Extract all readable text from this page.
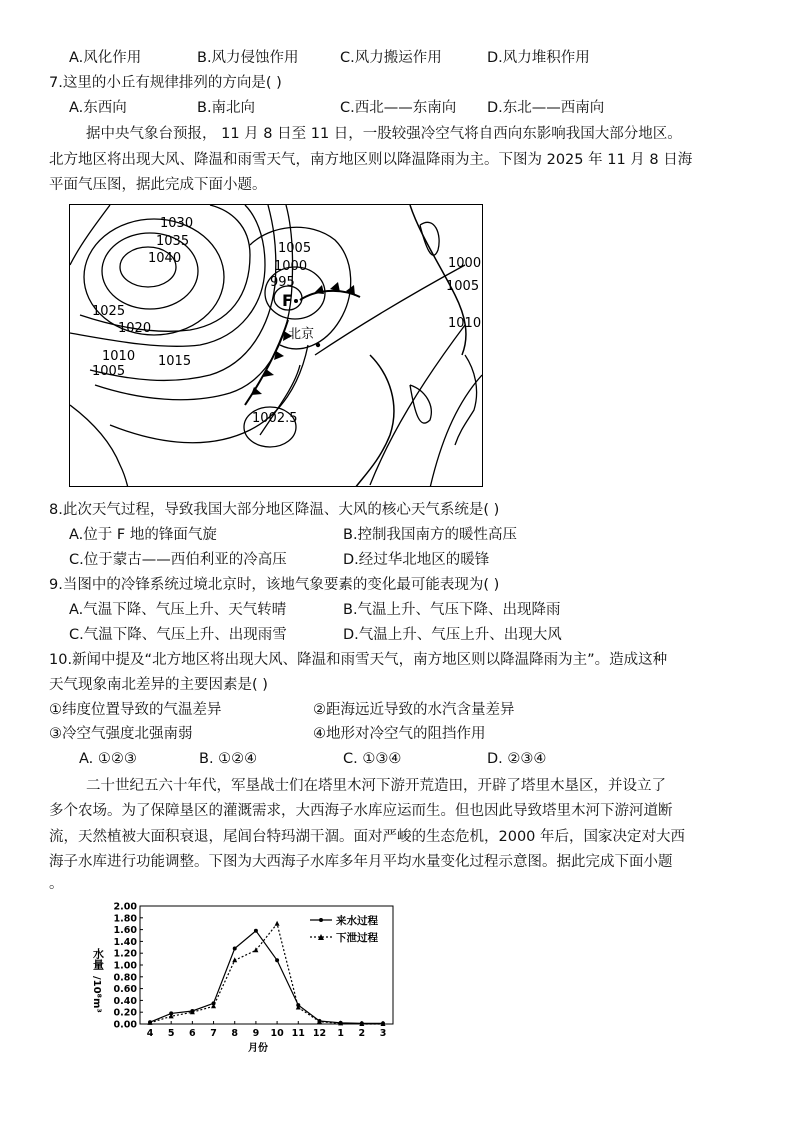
A.风化作用	B.风力侵蚀作用	C.风力搬运作用	D.风力堆积作用
7.这里的小丘有规律排列的方向是( )
A.东西向	B.南北向	C.西北——东南向 D.东北——西南向
据中央气象台预报， 11 月 8 日至 11 日，一股较强冷空气将自西向东影响我国大部分地区。
北方地区将出现大风、降温和雨雪天气，南方地区则以降温降雨为主。下图为 2025 年 11 月 8 日海
平面气压图，据此完成下面小题。
1030
1035
1040
1025
1020
1010
1005
1015
1005
1000
995
1002.5
1000
1005
1010
F
北京
8.此次天气过程，导致我国大部分地区降温、大风的核心天气系统是( )
A.位于 F 地的锋面气旋	B.控制我国南方的暖性高压
C.位于蒙古——西伯利亚的冷高压	D.经过华北地区的暖锋
9.当图中的冷锋系统过境北京时，该地气象要素的变化最可能表现为( )
A.气温下降、气压上升、天气转晴	B.气温上升、气压下降、出现降雨
C.气温下降、气压上升、出现雨雪	D.气温上升、气压上升、出现大风
10.新闻中提及“北方地区将出现大风、降温和雨雪天气，南方地区则以降温降雨为主”。造成这种
天气现象南北差异的主要因素是( )
①纬度位置导致的气温差异	②距海远近导致的水汽含量差异
③冷空气强度北强南弱	④地形对冷空气的阻挡作用
A. ①②③	B. ①②④	C. ①③④	D. ②③④
二十世纪五六十年代，军垦战士们在塔里木河下游开荒造田，开辟了塔里木垦区，并设立了
多个农场。为了保障垦区的灌溉需求，大西海子水库应运而生。但也因此导致塔里木河下游河道断
流，天然植被大面积衰退，尾闾台特玛湖干涸。面对严峻的生态危机，2000 年后，国家决定对大西
海子水库进行功能调整。下图为大西海子水库多年月平均水量变化过程示意图。据此完成下面小题
。
水量
/10⁸m³
月份
来水过程
下泄过程
2.00
1.80
1.60
1.40
1.20
1.00
0.80
0.60
0.40
0.20
0.00
4 5 6 7 8 9 10 11 12 1 2 3
